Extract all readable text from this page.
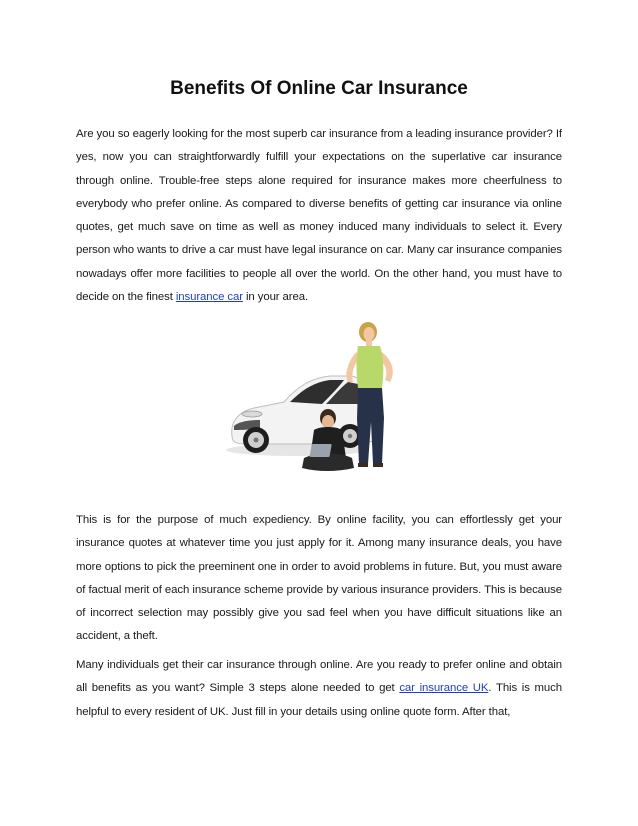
Benefits Of Online Car Insurance

Are you so eagerly looking for the most superb car insurance from a leading insurance provider? If yes, now you can straightforwardly fulfill your expectations on the superlative car insurance through online. Trouble-free steps alone required for insurance makes more cheerfulness to everybody who prefer online. As compared to diverse benefits of getting car insurance via online quotes, get much save on time as well as money induced many individuals to select it. Every person who wants to drive a car must have legal insurance on car. Many car insurance companies nowadays offer more facilities to people all over the world. On the other hand, you must have to decide on the finest insurance car in your area.

This is for the purpose of much expediency. By online facility, you can effortlessly get your insurance quotes at whatever time you just apply for it. Among many insurance deals, you have more options to pick the preeminent one in order to avoid problems in future. But, you must aware of factual merit of each insurance scheme provide by various insurance providers. This is because of incorrect selection may possibly give you sad feel when you have difficult situations like an accident, a theft.

Many individuals get their car insurance through online. Are you ready to prefer online and obtain all benefits as you want? Simple 3 steps alone needed to get car insurance UK. This is much helpful to every resident of UK. Just fill in your details using online quote form. After that,
